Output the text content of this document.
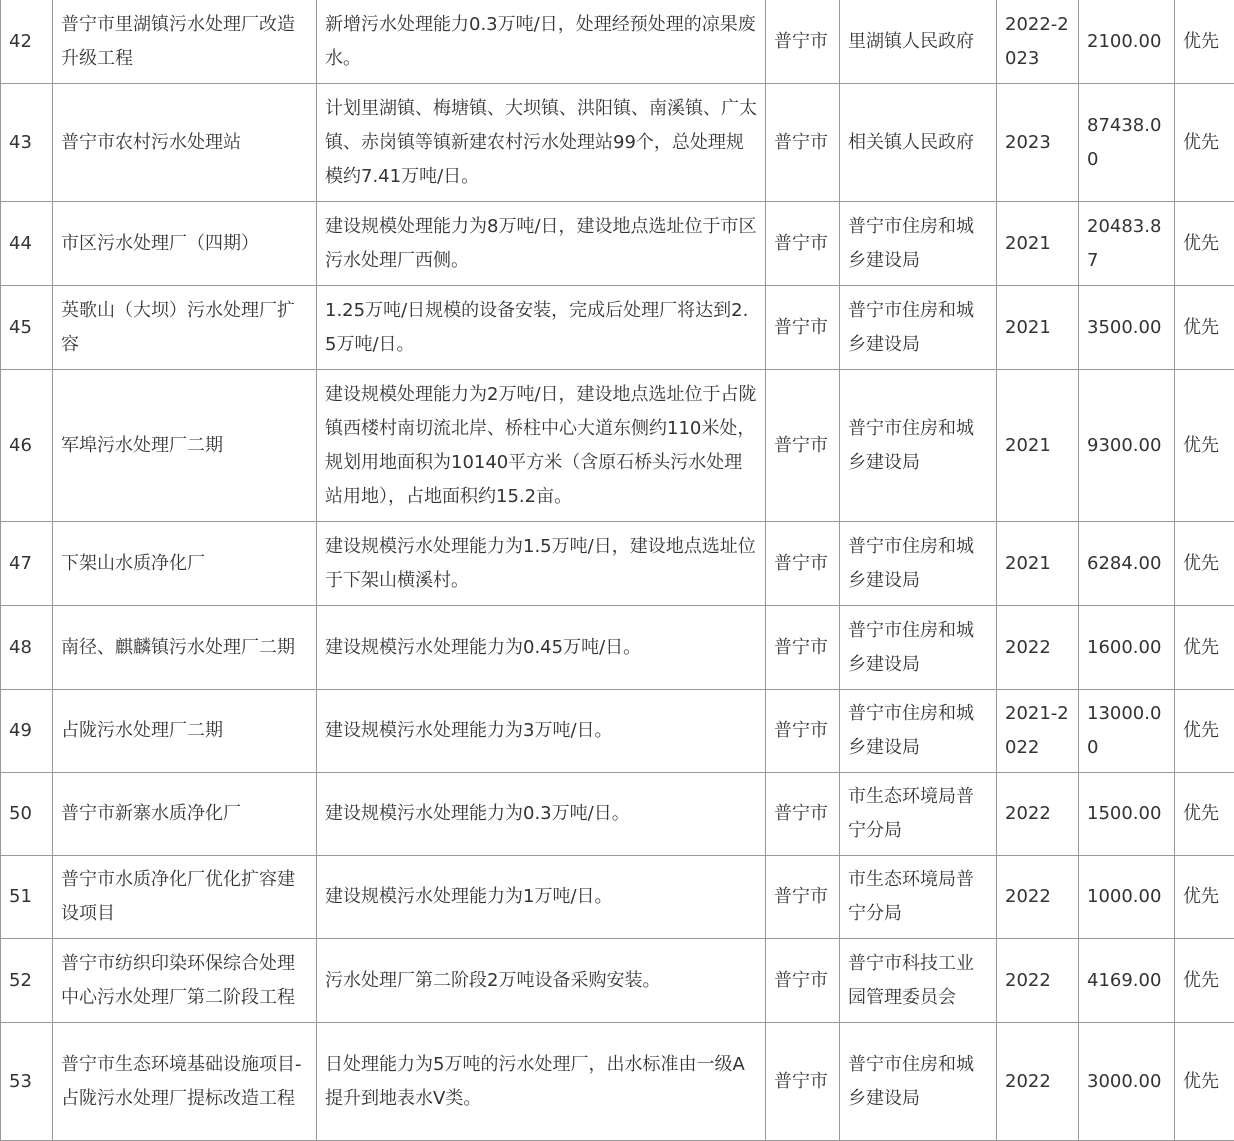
42	普宁市里湖镇污水处理厂改造升级工程	新增污水处理能力0.3万吨/日，处理经预处理的凉果废水。	普宁市	里湖镇人民政府	2022-2023	2100.00	优先
43	普宁市农村污水处理站	计划里湖镇、梅塘镇、大坝镇、洪阳镇、南溪镇、广太镇、赤岗镇等镇新建农村污水处理站99个，总处理规模约7.41万吨/日。	普宁市	相关镇人民政府	2023	87438.00	优先
44	市区污水处理厂（四期）	建设规模处理能力为8万吨/日，建设地点选址位于市区污水处理厂西侧。	普宁市	普宁市住房和城乡建设局	2021	20483.87	优先
45	英歌山（大坝）污水处理厂扩容	1.25万吨/日规模的设备安装，完成后处理厂将达到2.5万吨/日。	普宁市	普宁市住房和城乡建设局	2021	3500.00	优先
46	军埠污水处理厂二期	建设规模处理能力为2万吨/日，建设地点选址位于占陇镇西楼村南切流北岸、桥柱中心大道东侧约110米处，规划用地面积为10140平方米（含原石桥头污水处理站用地），占地面积约15.2亩。	普宁市	普宁市住房和城乡建设局	2021	9300.00	优先
47	下架山水质净化厂	建设规模污水处理能力为1.5万吨/日，建设地点选址位于下架山横溪村。	普宁市	普宁市住房和城乡建设局	2021	6284.00	优先
48	南径、麒麟镇污水处理厂二期	建设规模污水处理能力为0.45万吨/日。	普宁市	普宁市住房和城乡建设局	2022	1600.00	优先
49	占陇污水处理厂二期	建设规模污水处理能力为3万吨/日。	普宁市	普宁市住房和城乡建设局	2021-2022	13000.00	优先
50	普宁市新寨水质净化厂	建设规模污水处理能力为0.3万吨/日。	普宁市	市生态环境局普宁分局	2022	1500.00	优先
51	普宁市水质净化厂优化扩容建设项目	建设规模污水处理能力为1万吨/日。	普宁市	市生态环境局普宁分局	2022	1000.00	优先
52	普宁市纺织印染环保综合处理中心污水处理厂第二阶段工程	污水处理厂第二阶段2万吨设备采购安装。	普宁市	普宁市科技工业园管理委员会	2022	4169.00	优先
53	普宁市生态环境基础设施项目-占陇污水处理厂提标改造工程	日处理能力为5万吨的污水处理厂，出水标准由一级A提升到地表水V类。	普宁市	普宁市住房和城乡建设局	2022	3000.00	优先
